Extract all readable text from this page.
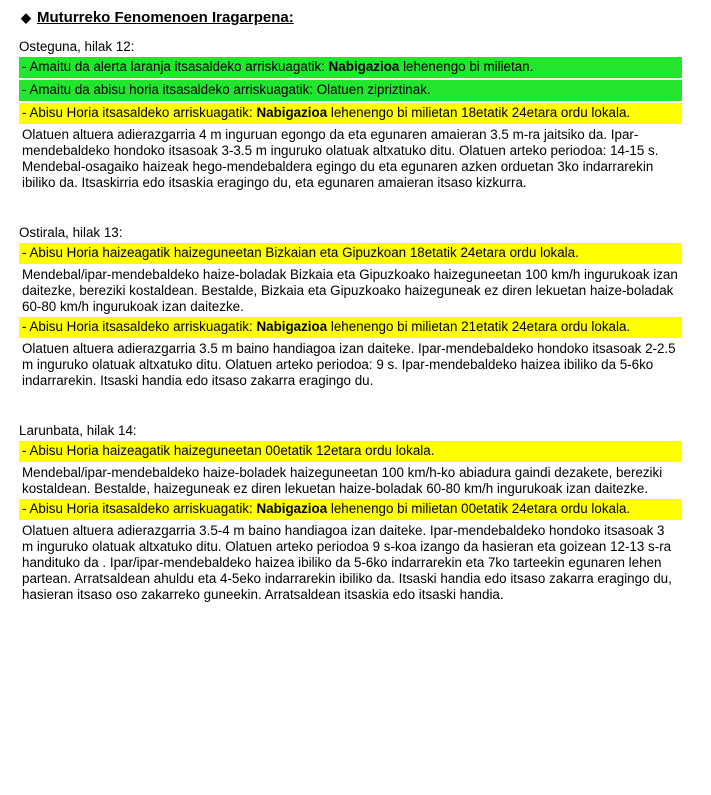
◆ Muturreko Fenomenoen Iragarpena:
Osteguna, hilak 12:
- Amaitu da alerta laranja itsasaldeko arriskuagatik: Nabigazioa lehenengo bi milietan.
- Amaitu da abisu horia itsasaldeko arriskuagatik: Olatuen zipriztinak.
- Abisu Horia itsasaldeko arriskuagatik: Nabigazioa lehenengo bi milietan 18etatik 24etara ordu lokala.
Olatuen altuera adierazgarria 4 m inguruan egongo da eta egunaren amaieran 3.5 m-ra jaitsiko da. Ipar-mendebaldeko hondoko itsasoak 3-3.5 m inguruko olatuak altxatuko ditu. Olatuen arteko periodoa: 14-15 s. Mendebal-osagaiko haizeak hego-mendebaldera egingo du eta egunaren azken orduetan 3ko indarrarekin ibiliko da. Itsaskirria edo itsaskia eragingo du, eta egunaren amaieran itsaso kizkurra.
Ostirala, hilak 13:
- Abisu Horia haizeagatik haizeguneetan Bizkaian eta Gipuzkoan 18etatik 24etara ordu lokala.
Mendebal/ipar-mendebaldeko haize-boladak Bizkaia eta Gipuzkoako haizeguneetan 100 km/h ingurukoak izan daitezke, bereziki kostaldean. Bestalde, Bizkaia eta Gipuzkoako haizeguneak ez diren lekuetan haize-boladak 60-80 km/h ingurukoak izan daitezke.
- Abisu Horia itsasaldeko arriskuagatik: Nabigazioa lehenengo bi milietan 21etatik 24etara ordu lokala.
Olatuen altuera adierazgarria 3.5 m baino handiagoa izan daiteke. Ipar-mendebaldeko hondoko itsasoak 2-2.5 m inguruko olatuak altxatuko ditu. Olatuen arteko periodoa: 9 s. Ipar-mendebaldeko haizea ibiliko da 5-6ko indarrarekin. Itsaski handia edo itsaso zakarra eragingo du.
Larunbata, hilak 14:
- Abisu Horia haizeagatik haizeguneetan 00etatik 12etara ordu lokala.
Mendebal/ipar-mendebaldeko haize-boladek haizeguneetan 100 km/h-ko abiadura gaindi dezakete, bereziki kostaldean. Bestalde, haizeguneak ez diren lekuetan haize-boladak 60-80 km/h ingurukoak izan daitezke.
- Abisu Horia itsasaldeko arriskuagatik: Nabigazioa lehenengo bi milietan 00etatik 24etara ordu lokala.
Olatuen altuera adierazgarria 3.5-4 m baino handiagoa izan daiteke. Ipar-mendebaldeko hondoko itsasoak 3 m inguruko olatuak altxatuko ditu. Olatuen arteko periodoa 9 s-koa izango da hasieran eta goizean 12-13 s-ra handituko da . Ipar/ipar-mendebaldeko haizea ibiliko da 5-6ko indarrarekin eta 7ko tarteekin egunaren lehen partean. Arratsaldean ahuldu eta 4-5eko indarrarekin ibiliko da. Itsaski handia edo itsaso zakarra eragingo du, hasieran itsaso oso zakarreko guneekin. Arratsaldean itsaskia edo itsaski handia.
